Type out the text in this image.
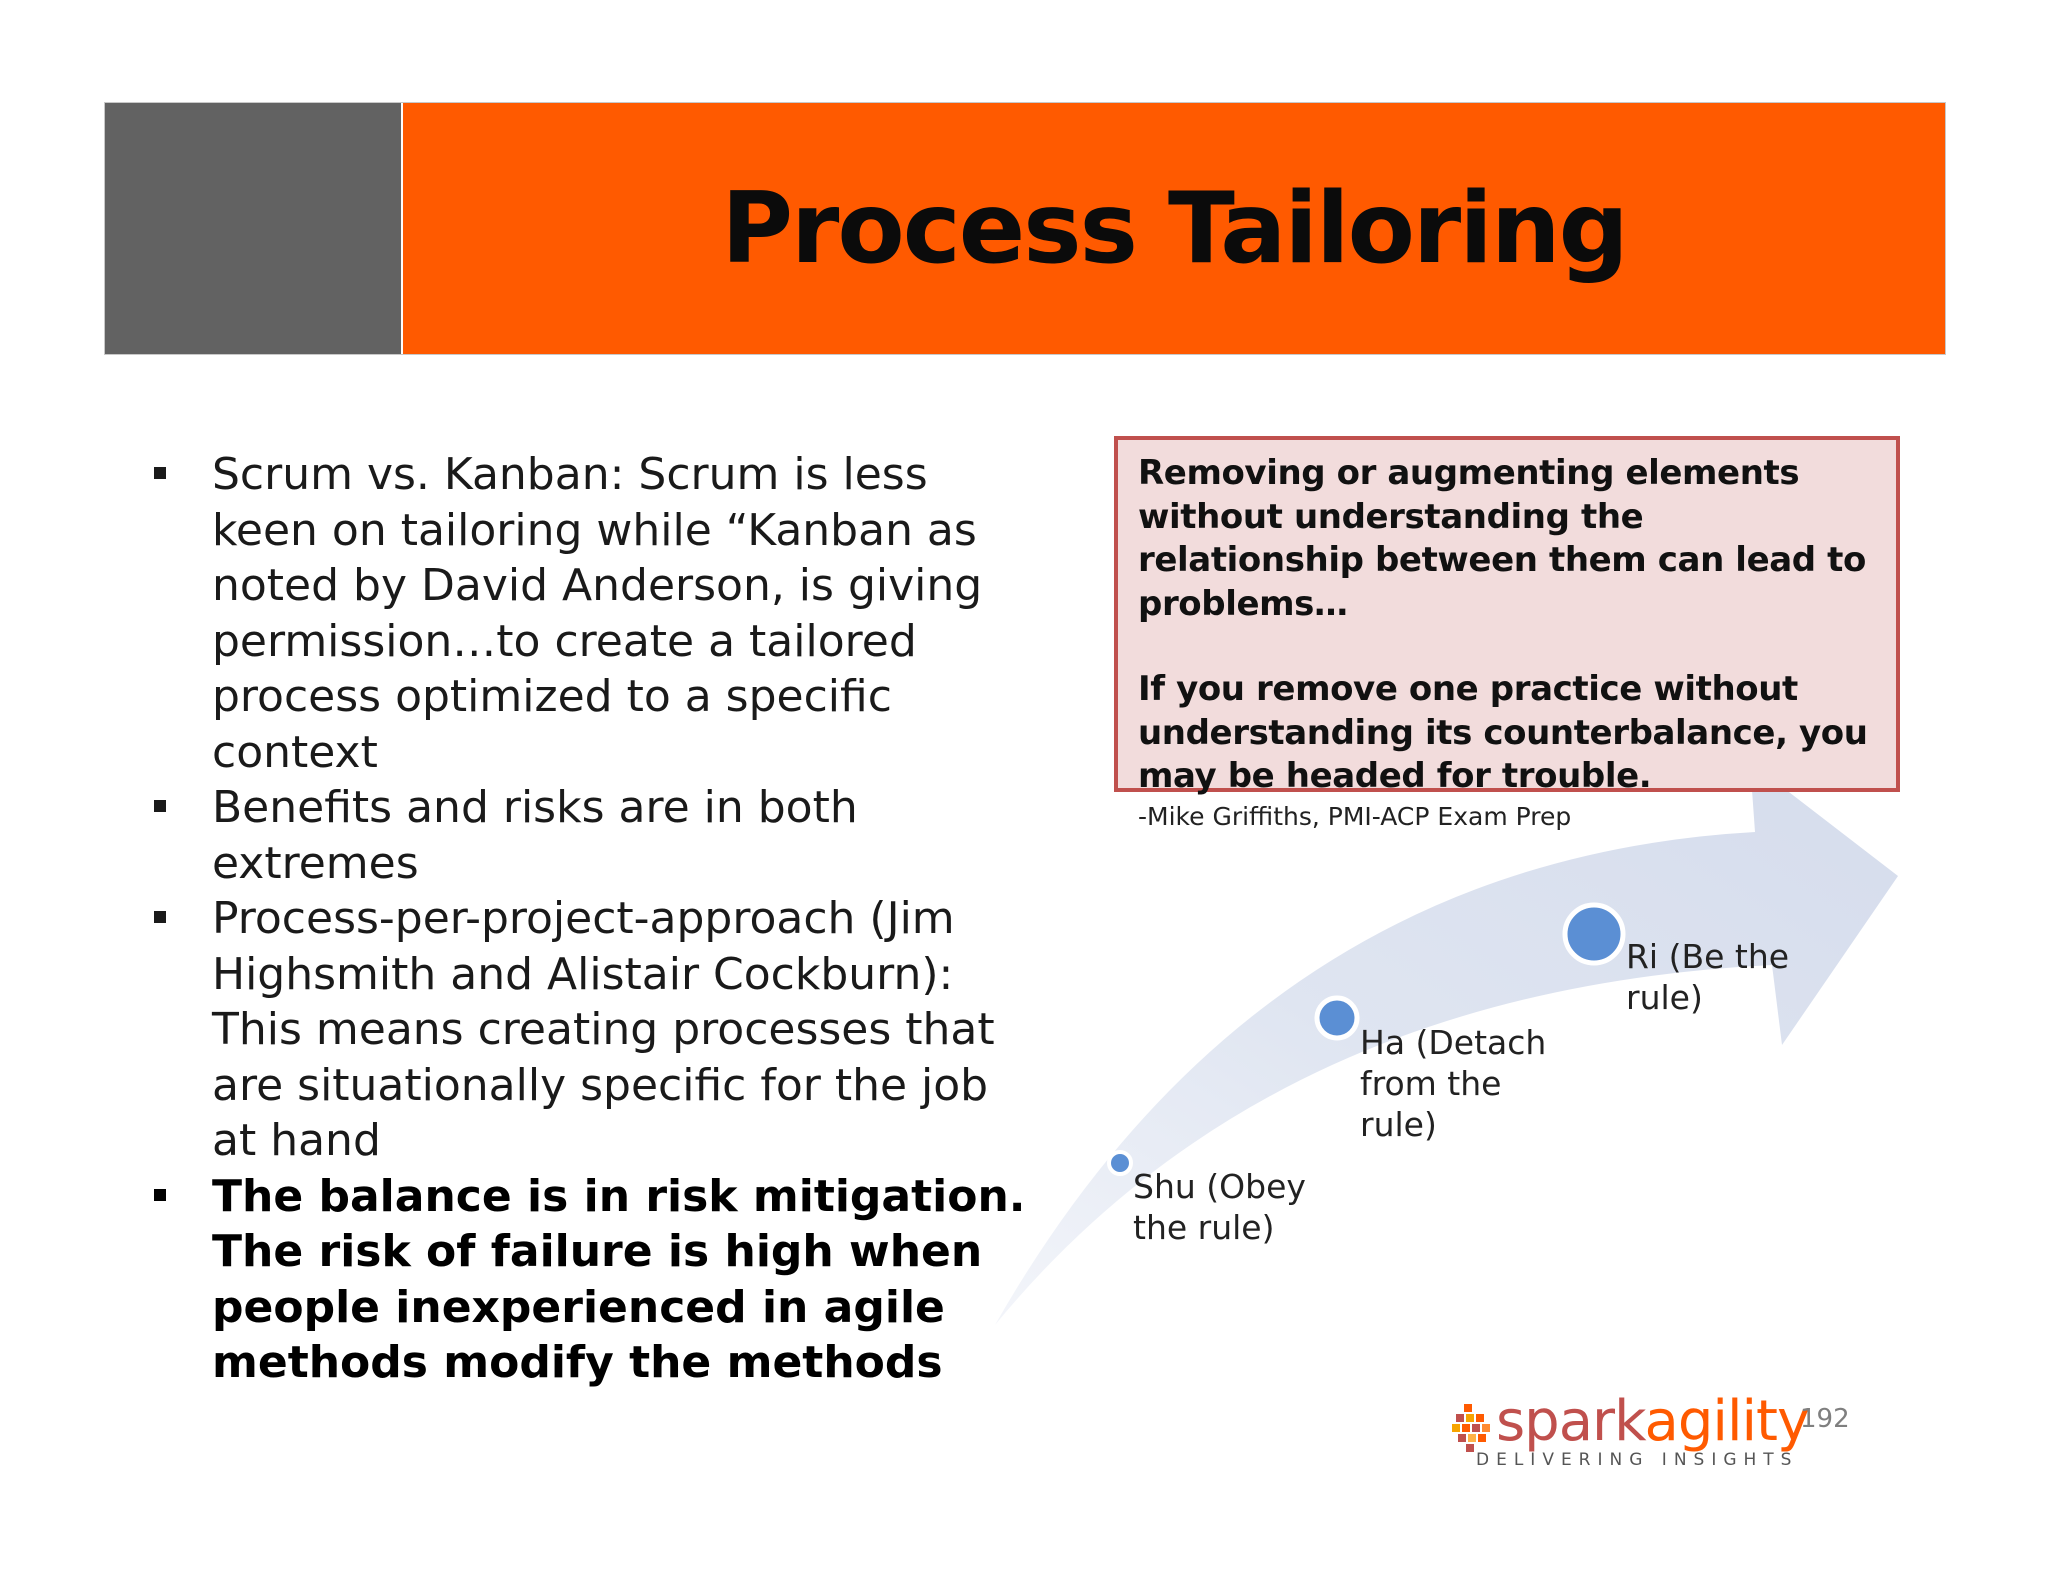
Process Tailoring
Scrum vs. Kanban: Scrum is less keen on tailoring while “Kanban as noted by David Anderson, is giving permission…to create a tailored process optimized to a specific context
Benefits and risks are in both extremes
Process-per-project-approach (Jim Highsmith and Alistair Cockburn): This means creating processes that are situationally specific for the job at hand
The balance is in risk mitigation. The risk of failure is high when people inexperienced in agile methods modify the methods

Removing or augmenting elements without understanding the relationship between them can lead to problems…

If you remove one practice without understanding its counterbalance, you may be headed for trouble.

-Mike Griffiths, PMI-ACP Exam Prep

Shu (Obey the rule)
Ha (Detach from the rule)
Ri (Be the rule)
sparkagility
DELIVERING INSIGHTS
192
